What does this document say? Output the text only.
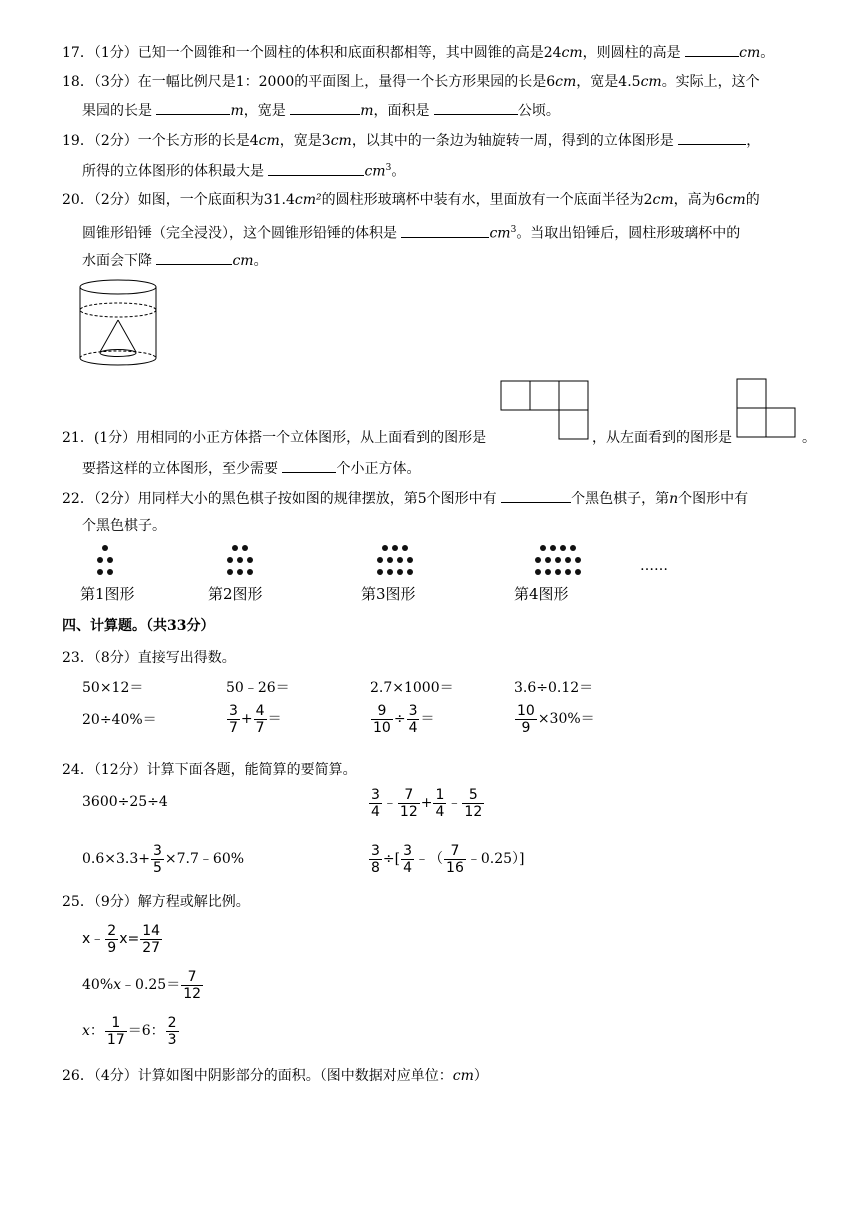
17．（1分）已知一个圆锥和一个圆柱的体积和底面积都相等，其中圆锥的高是24cm，则圆柱的高是	cm。
18．（3分）在一幅比例尺是1：2000的平面图上，量得一个长方形果园的长是6cm，宽是4.5cm。实际上，这个
果园的长是	m，宽是	m，面积是	公顷。
19．（2分）一个长方形的长是4cm，宽是3cm，以其中的一条边为轴旋转一周，得到的立体图形是	，
所得的立体图形的体积最大是	$cm^3$。
20．（2分）如图，一个底面积为31.4cm²的圆柱形玻璃杯中装有水，里面放有一个底面半径为2cm，高为6cm的
圆锥形铅锤（完全浸没），这个圆锥形铅锤的体积是	$cm^3$。当取出铅锤后，圆柱形玻璃杯中的
水面会下降	cm。
21．(1分）用相同的小正方体搭一个立体图形，从上面看到的图形是	，从左面看到的图形是	。
要搭这样的立体图形，至少需要	个小正方体。
22．（2分）用同样大小的黑色棋子按如图的规律摆放，第5个图形中有	个黑色棋子，第n个图形中有
个黑色棋子。
……
第1图形	第2图形	第3图形	第4图形
四、计算题。（共33分）
23．（8分）直接写出得数。
50×12＝	50﹣26＝	2.7×1000＝	3.6÷0.12＝
20÷40%＝	$\frac{3}{7} + \frac{4}{7}$ ＝	$\frac{9}{10} \div \frac{3}{4}$ ＝	$\frac{10}{9} \times 30\%=$
24．（12分）计算下面各题，能简算的要简算。
3600÷25÷4	$\frac{3}{4}$ ﹣ $\frac{7}{12} + \frac{1}{4}$ ﹣ $\frac{5}{12}$
$0.6\times 3.3+ \frac{3}{5}$ ×7.7﹣60%	$\frac{3}{8}$ ÷[ $\frac{3}{4}$ ﹣（ $\frac{7}{16}$ ﹣0.25）]
25．（9分）解方程或解比例。
x﹣ $\frac{2}{9} x= \frac{14}{27}$
40%x﹣0.25＝ $\frac{7}{12}$
x： $\frac{1}{17} =6$： $\frac{2}{3}$
26．（4分）计算如图中阴影部分的面积。（图中数据对应单位：cm）
